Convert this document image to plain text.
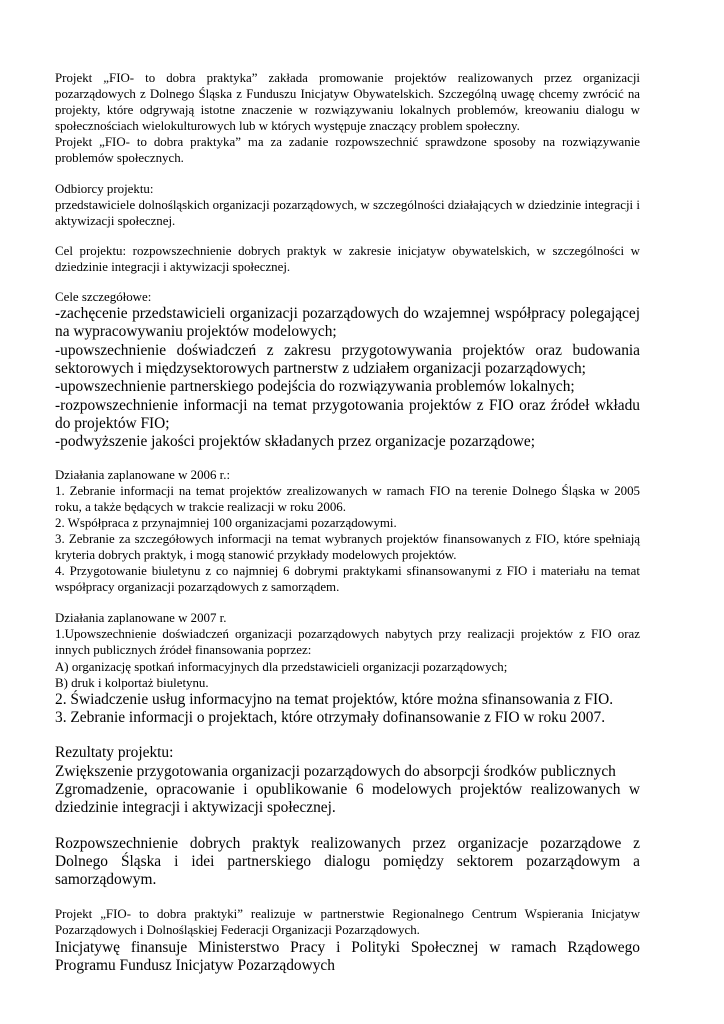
Projekt „FIO- to dobra praktyka” zakłada promowanie projektów realizowanych przez organizacji pozarządowych z Dolnego Śląska z Funduszu Inicjatyw Obywatelskich. Szczególną uwagę chcemy zwrócić na projekty, które odgrywają istotne znaczenie w rozwiązywaniu lokalnych problemów, kreowaniu dialogu w społecznościach wielokulturowych lub w których występuje znaczący problem społeczny.

Projekt „FIO- to dobra praktyka” ma za zadanie rozpowszechnić sprawdzone sposoby na rozwiązywanie problemów społecznych.

Odbiorcy projektu:

przedstawiciele dolnośląskich organizacji pozarządowych, w szczególności działających w dziedzinie integracji i aktywizacji społecznej.

Cel projektu: rozpowszechnienie dobrych praktyk w zakresie inicjatyw obywatelskich, w szczególności w dziedzinie integracji i aktywizacji społecznej.

Cele szczegółowe:

-zachęcenie przedstawicieli organizacji pozarządowych do wzajemnej współpracy polegającej na wypracowywaniu projektów modelowych;

-upowszechnienie doświadczeń z zakresu przygotowywania projektów oraz budowania sektorowych i międzysektorowych partnerstw z udziałem organizacji pozarządowych;

-upowszechnienie partnerskiego podejścia do rozwiązywania problemów lokalnych;

-rozpowszechnienie informacji na temat przygotowania projektów z FIO oraz źródeł wkładu do projektów FIO;

-podwyższenie jakości projektów składanych przez organizacje pozarządowe;

Działania zaplanowane w 2006 r.:

1. Zebranie informacji na temat projektów zrealizowanych w ramach FIO na terenie Dolnego Śląska w 2005 roku, a także będących w trakcie realizacji w roku 2006.

2. Współpraca z przynajmniej 100 organizacjami pozarządowymi.

3. Zebranie za szczegółowych informacji na temat wybranych projektów finansowanych z FIO, które spełniają kryteria dobrych praktyk, i mogą stanowić przykłady modelowych projektów.

4. Przygotowanie biuletynu z co najmniej 6 dobrymi praktykami sfinansowanymi z FIO i materiału na temat współpracy organizacji pozarządowych z samorządem.

Działania zaplanowane w 2007 r.

1.Upowszechnienie doświadczeń organizacji pozarządowych nabytych przy realizacji projektów z FIO oraz innych publicznych źródeł finansowania poprzez:

A) organizację spotkań informacyjnych dla przedstawicieli organizacji pozarządowych;

B) druk i kolportaż biuletynu.

2. Świadczenie usług informacyjno na temat projektów, które można sfinansowania z FIO.

3. Zebranie informacji o projektach, które otrzymały dofinansowanie z FIO w roku 2007.

Rezultaty projektu:

Zwiększenie przygotowania organizacji pozarządowych do absorpcji środków publicznych

Zgromadzenie, opracowanie i opublikowanie 6 modelowych projektów realizowanych w dziedzinie integracji i aktywizacji społecznej.

Rozpowszechnienie dobrych praktyk realizowanych przez organizacje pozarządowe z Dolnego Śląska i idei partnerskiego dialogu pomiędzy sektorem pozarządowym a samorządowym.

Projekt „FIO- to dobra praktyki” realizuje w partnerstwie Regionalnego Centrum Wspierania Inicjatyw Pozarządowych i Dolnośląskiej Federacji Organizacji Pozarządowych.

Inicjatywę finansuje Ministerstwo Pracy i Polityki Społecznej w ramach Rządowego Programu Fundusz Inicjatyw Pozarządowych
